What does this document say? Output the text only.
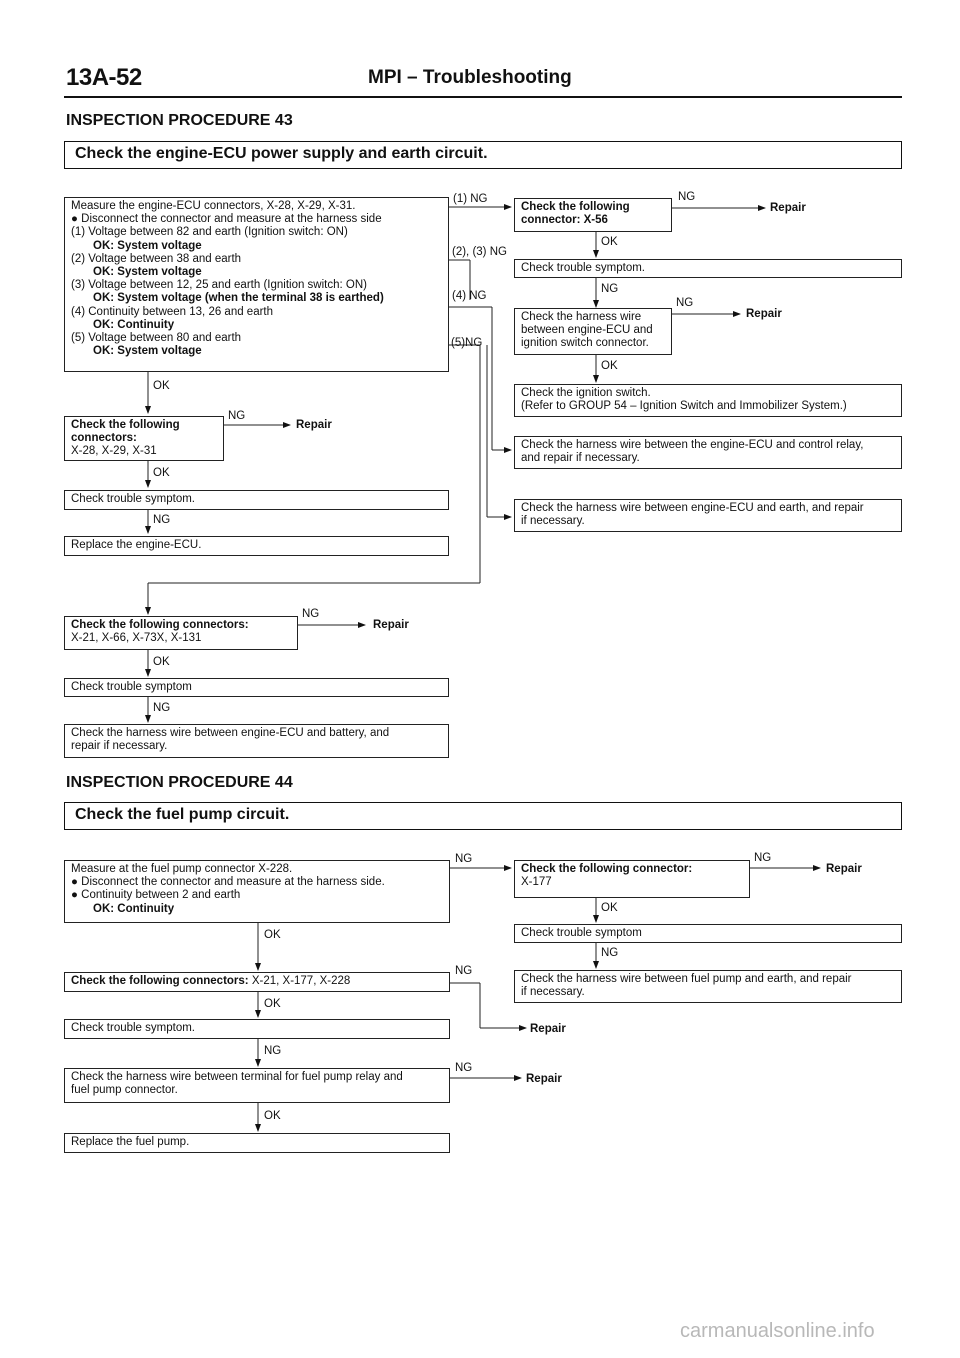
13A-52	MPI – Troubleshooting
INSPECTION PROCEDURE 43
Check the engine-ECU power supply and earth circuit.
Measure the engine-ECU connectors, X-28, X-29, X-31.
● Disconnect the connector and measure at the harness side
(1) Voltage between 82 and earth (Ignition switch: ON)
OK: System voltage
(2) Voltage between 38 and earth
OK: System voltage
(3) Voltage between 12, 25 and earth (Ignition switch: ON)
OK: System voltage (when the terminal 38 is earthed)
(4) Continuity between 13, 26 and earth
OK: Continuity
(5) Voltage between 80 and earth
OK: System voltage
(1) NG
(2), (3) NG
(4) NG
(5)NG
OK
Check the following
connectors:
X-28, X-29, X-31
NG
Repair
OK
Check trouble symptom.
NG
Replace the engine-ECU.
Check the following connectors:
X-21, X-66, X-73X, X-131
NG
Repair
OK
Check trouble symptom
NG
Check the harness wire between engine-ECU and battery, and
repair if necessary.
Check the following
connector: X-56
NG
Repair
OK
Check trouble symptom.
NG
Check the harness wire
between engine-ECU and
ignition switch connector.
NG
Repair
OK
Check the ignition switch.
(Refer to GROUP 54 – Ignition Switch and Immobilizer System.)
Check the harness wire between the engine-ECU and control relay,
and repair if necessary.
Check the harness wire between engine-ECU and earth, and repair
if necessary.
INSPECTION PROCEDURE 44
Check the fuel pump circuit.
Measure at the fuel pump connector X-228.
● Disconnect the connector and measure at the harness side.
● Continuity between 2 and earth
OK: Continuity
NG
Check the following connector:
X-177
NG
Repair
OK
Check trouble symptom
NG
Check the harness wire between fuel pump and earth, and repair
if necessary.
OK
Check the following connectors: X-21, X-177, X-228
NG
OK
Check trouble symptom.	Repair
NG
Check the harness wire between terminal for fuel pump relay and
fuel pump connector.
NG
Repair
OK
Replace the fuel pump.
carmanualsonline.info
